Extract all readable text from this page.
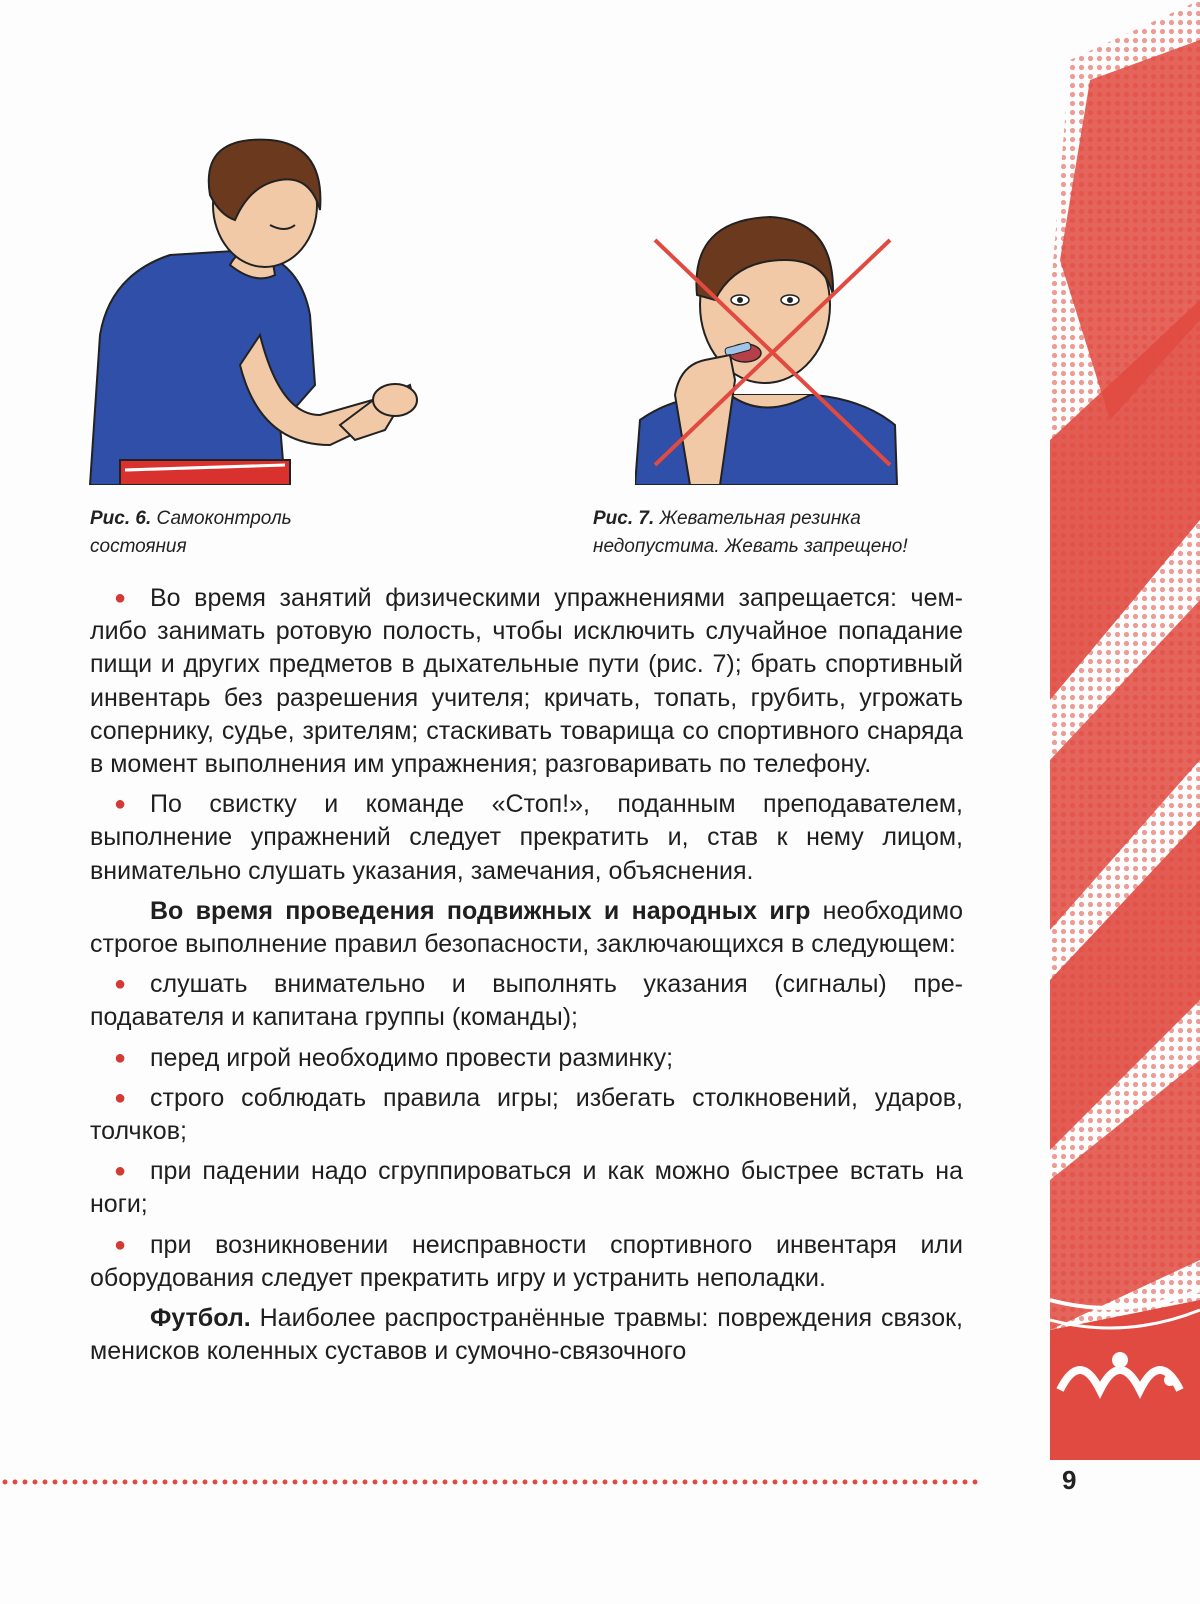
Рис. 6. Самоконтроль
состояния
Рис. 7. Жевательная резинка
недопустима. Жевать запрещено!

● Во время занятий физическими упражнениями запрещается: чем-либо занимать ротовую полость, чтобы исключить случайное попадание пищи и других предметов в дыхательные пути (рис. 7); брать спортивный инвентарь без разрешения учителя; кричать, топать, грубить, угрожать сопернику, судье, зрителям; стаскивать товарища со спортивного снаряда в момент выполнения им упражнения; разговаривать по телефону.

● По свистку и команде «Стоп!», поданным преподавателем, выполнение упражнений следует прекратить и, став к нему лицом, внимательно слушать указания, замечания, объяснения.

Во время проведения подвижных и народных игр необходимо строгое выполнение правил безопасности, заключающихся в следующем:

● слушать внимательно и выполнять указания (сигналы) преподавателя и капитана группы (команды);

● перед игрой необходимо провести разминку;

● строго соблюдать правила игры; избегать столкновений, ударов, толчков;

● при падении надо сгруппироваться и как можно быстрее встать на ноги;

● при возникновении неисправности спортивного инвентаря или оборудования следует прекратить игру и устранить неполадки.

Футбол. Наиболее распространённые травмы: повреждения связок, менисков коленных суставов и сумочно-связочного

9
